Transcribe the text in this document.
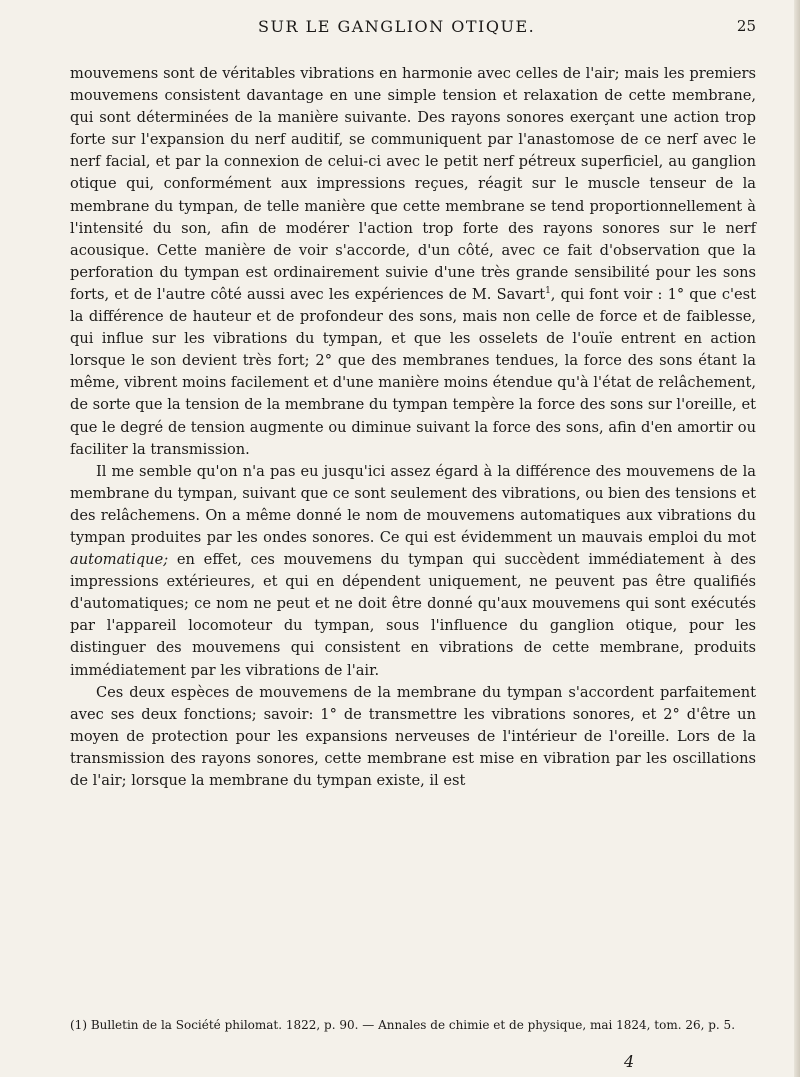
SUR LE GANGLION OTIQUE.	25

mouvemens sont de véritables vibrations en harmonie avec celles de l'air; mais les premiers mouvemens consistent davantage en une simple tension et relaxation de cette membrane, qui sont déterminées de la manière suivante. Des rayons sonores exerçant une action trop forte sur l'expansion du nerf auditif, se communiquent par l'anastomose de ce nerf avec le nerf facial, et par la connexion de celui-ci avec le petit nerf pétreux superficiel, au ganglion otique qui, conformément aux impressions reçues, réagit sur le muscle tenseur de la membrane du tympan, de telle manière que cette membrane se tend proportionnellement à l'intensité du son, afin de modérer l'action trop forte des rayons sonores sur le nerf acousique. Cette manière de voir s'accorde, d'un côté, avec ce fait d'observation que la perforation du tympan est ordinairement suivie d'une très grande sensibilité pour les sons forts, et de l'autre côté aussi avec les expériences de M. Savart$^1$, qui font voir : 1° que c'est la différence de hauteur et de profondeur des sons, mais non celle de force et de faiblesse, qui influe sur les vibrations du tympan, et que les osselets de l'ouïe entrent en action lorsque le son devient très fort; 2° que des membranes tendues, la force des sons étant la même, vibrent moins facilement et d'une manière moins étendue qu'à l'état de relâchement, de sorte que la tension de la membrane du tympan tempère la force des sons sur l'oreille, et que le degré de tension augmente ou diminue suivant la force des sons, afin d'en amortir ou faciliter la transmission.

Il me semble qu'on n'a pas eu jusqu'ici assez égard à la différence des mouvemens de la membrane du tympan, suivant que ce sont seulement des vibrations, ou bien des tensions et des relâchemens. On a même donné le nom de mouvemens automatiques aux vibrations du tympan produites par les ondes sonores. Ce qui est évidemment un mauvais emploi du mot automatique; en effet, ces mouvemens du tympan qui succèdent immédiatement à des impressions extérieures, et qui en dépendent uniquement, ne peuvent pas être qualifiés d'automatiques; ce nom ne peut et ne doit être donné qu'aux mouvemens qui sont exécutés par l'appareil locomoteur du tympan, sous l'influence du ganglion otique, pour les distinguer des mouvemens qui consistent en vibrations de cette membrane, produits immédiatement par les vibrations de l'air.

Ces deux espèces de mouvemens de la membrane du tympan s'accordent parfaitement avec ses deux fonctions; savoir: 1° de transmettre les vibrations sonores, et 2° d'être un moyen de protection pour les expansions nerveuses de l'intérieur de l'oreille. Lors de la transmission des rayons sonores, cette membrane est mise en vibration par les oscillations de l'air; lorsque la membrane du tympan existe, il est

(1) Bulletin de la Société philomat. 1822, p. 90. — Annales de chimie et de physique, mai 1824, tom. 26, p. 5.
4
